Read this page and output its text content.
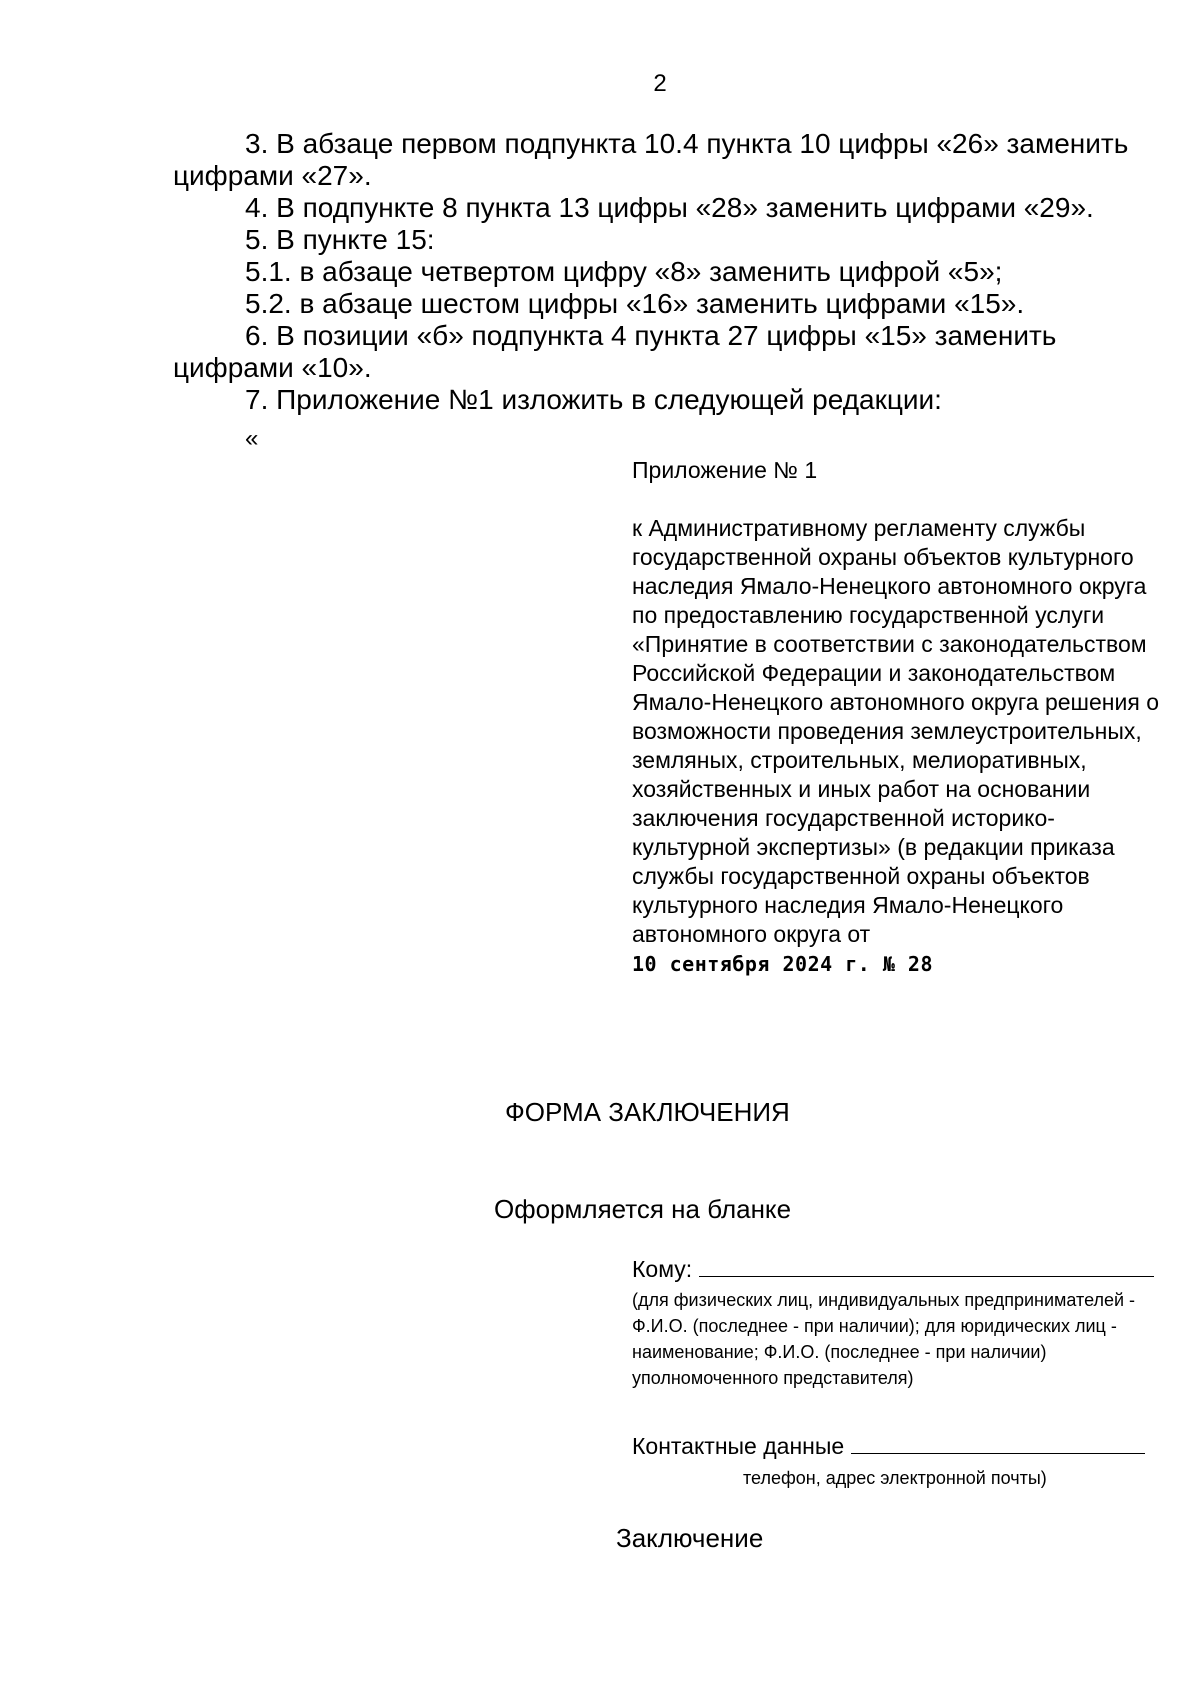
2

3. В абзаце первом подпункта 10.4 пункта 10 цифры «26» заменить цифрами «27».

4. В подпункте 8 пункта 13 цифры «28» заменить цифрами «29».

5. В пункте 15:

5.1. в абзаце четвертом цифру «8» заменить цифрой «5»;

5.2. в абзаце шестом цифры «16» заменить цифрами «15».

6. В позиции «б» подпункта 4 пункта 27 цифры «15» заменить цифрами «10».

7. Приложение №1 изложить в следующей редакции:

«

Приложение № 1

к Административному регламенту службы государственной охраны объектов культурного наследия Ямало-Ненецкого автономного округа по предоставлению государственной услуги «Принятие в соответствии с законодательством Российской Федерации и законодательством Ямало-Ненецкого автономного округа решения о возможности проведения землеустроительных, земляных, строительных, мелиоративных, хозяйственных и иных работ на основании заключения государственной историко-культурной экспертизы» (в редакции приказа службы государственной охраны объектов культурного наследия Ямало-Ненецкого автономного округа от 10 сентября 2024 г. № 28

ФОРМА ЗАКЛЮЧЕНИЯ
Оформляется на бланке
Кому:

(для физических лиц, индивидуальных предпринимателей - Ф.И.О. (последнее - при наличии); для юридических лиц - наименование; Ф.И.О. (последнее - при наличии) уполномоченного представителя)

Контактные данные
телефон, адрес электронной почты)
Заключение
